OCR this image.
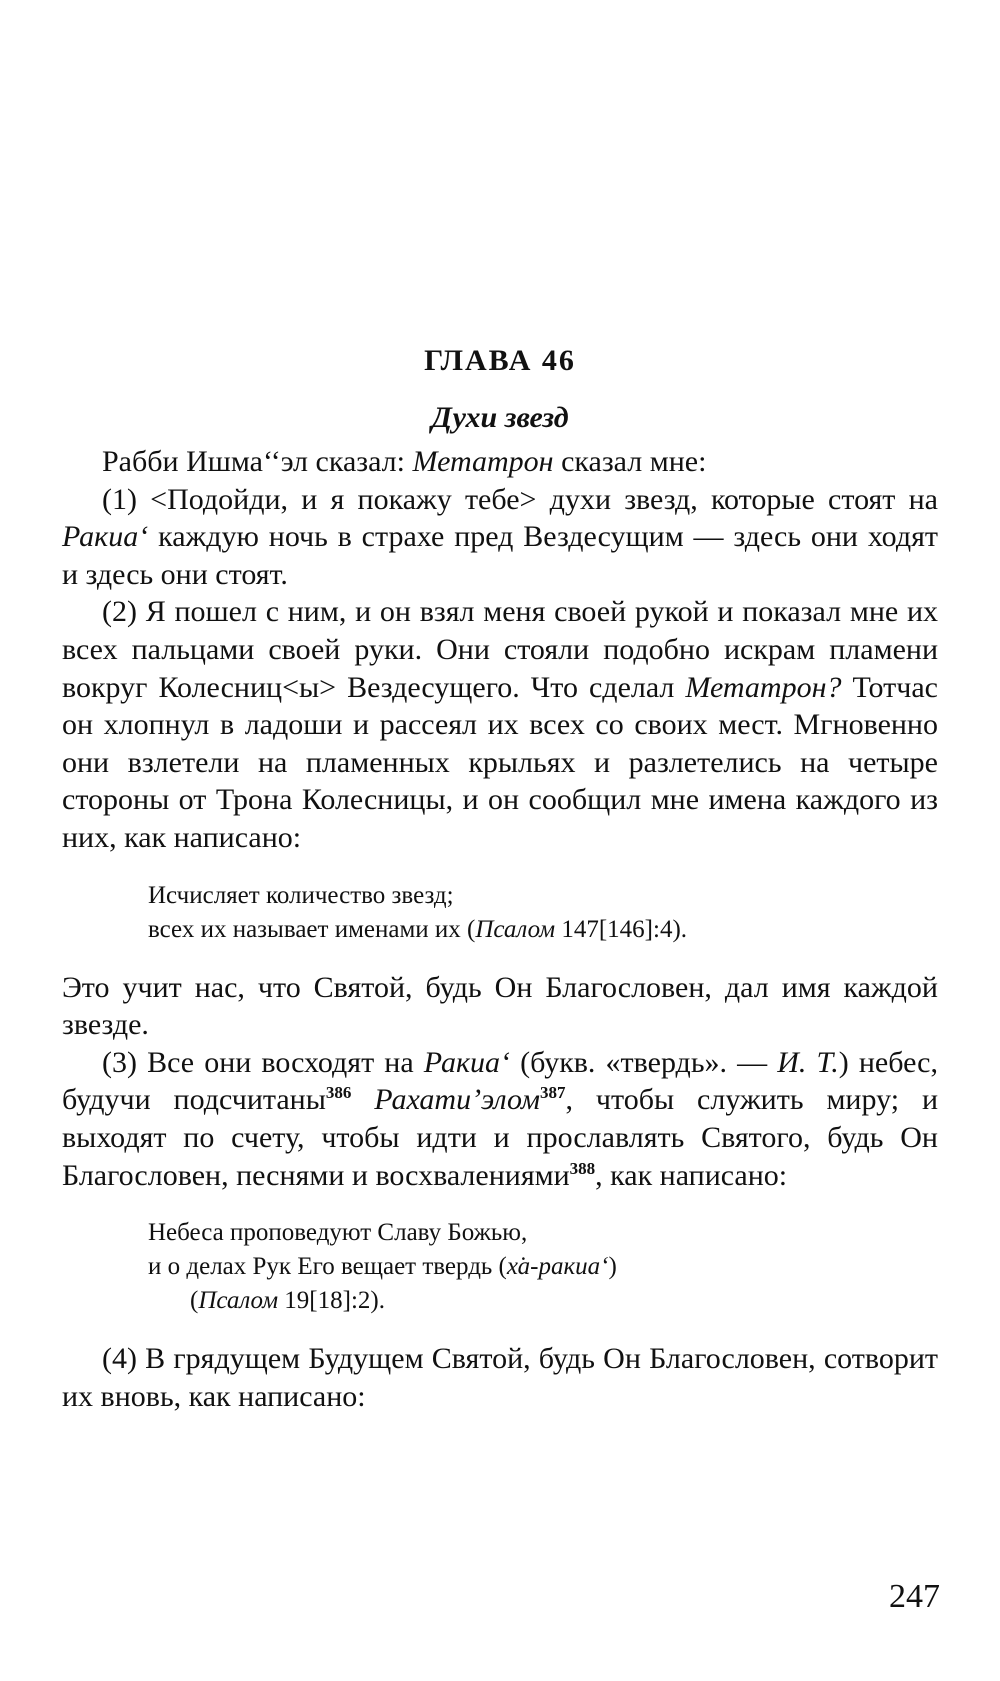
ГЛАВА 46
Духи звезд

Рабби Ишма‘‘эл сказал: Метатрон сказал мне:

(1) <Подойди, и я покажу тебе> духи звезд, которые стоят на Ракиа‘ каждую ночь в страхе пред Вездесущим — здесь они ходят и здесь они стоят.

(2) Я пошел с ним, и он взял меня своей рукой и показал мне их всех пальцами своей руки. Они стояли подобно искрам пламени вокруг Колесниц<ы> Вездесущего. Что сделал Метатрон? Тотчас он хлопнул в ладоши и рассеял их всех со своих мест. Мгновенно они взлетели на пламенных крыльях и разлетелись на четыре стороны от Трона Колесницы, и он сообщил мне имена каждого из них, как написано:

Исчисляет количество звезд;
всех их называет именами их (Псалом 147[146]:4).

Это учит нас, что Святой, будь Он Благословен, дал имя каждой звезде.

(3) Все они восходят на Ракиа‘ (букв. «твердь». — И. Т.) небес, будучи подсчитаны$^{386}$ Рахати’элом$^{387}$, чтобы служить миру; и выходят по счету, чтобы идти и прославлять Святого, будь Он Благословен, песнями и восхвалениями$^{388}$, как написано:

Небеса проповедуют Славу Божью,
и о делах Рук Его вещает твердь (х̇а-ракиа‘)
(Псалом 19[18]:2).

(4) В грядущем Будущем Святой, будь Он Благословен, сотворит их вновь, как написано:

247
